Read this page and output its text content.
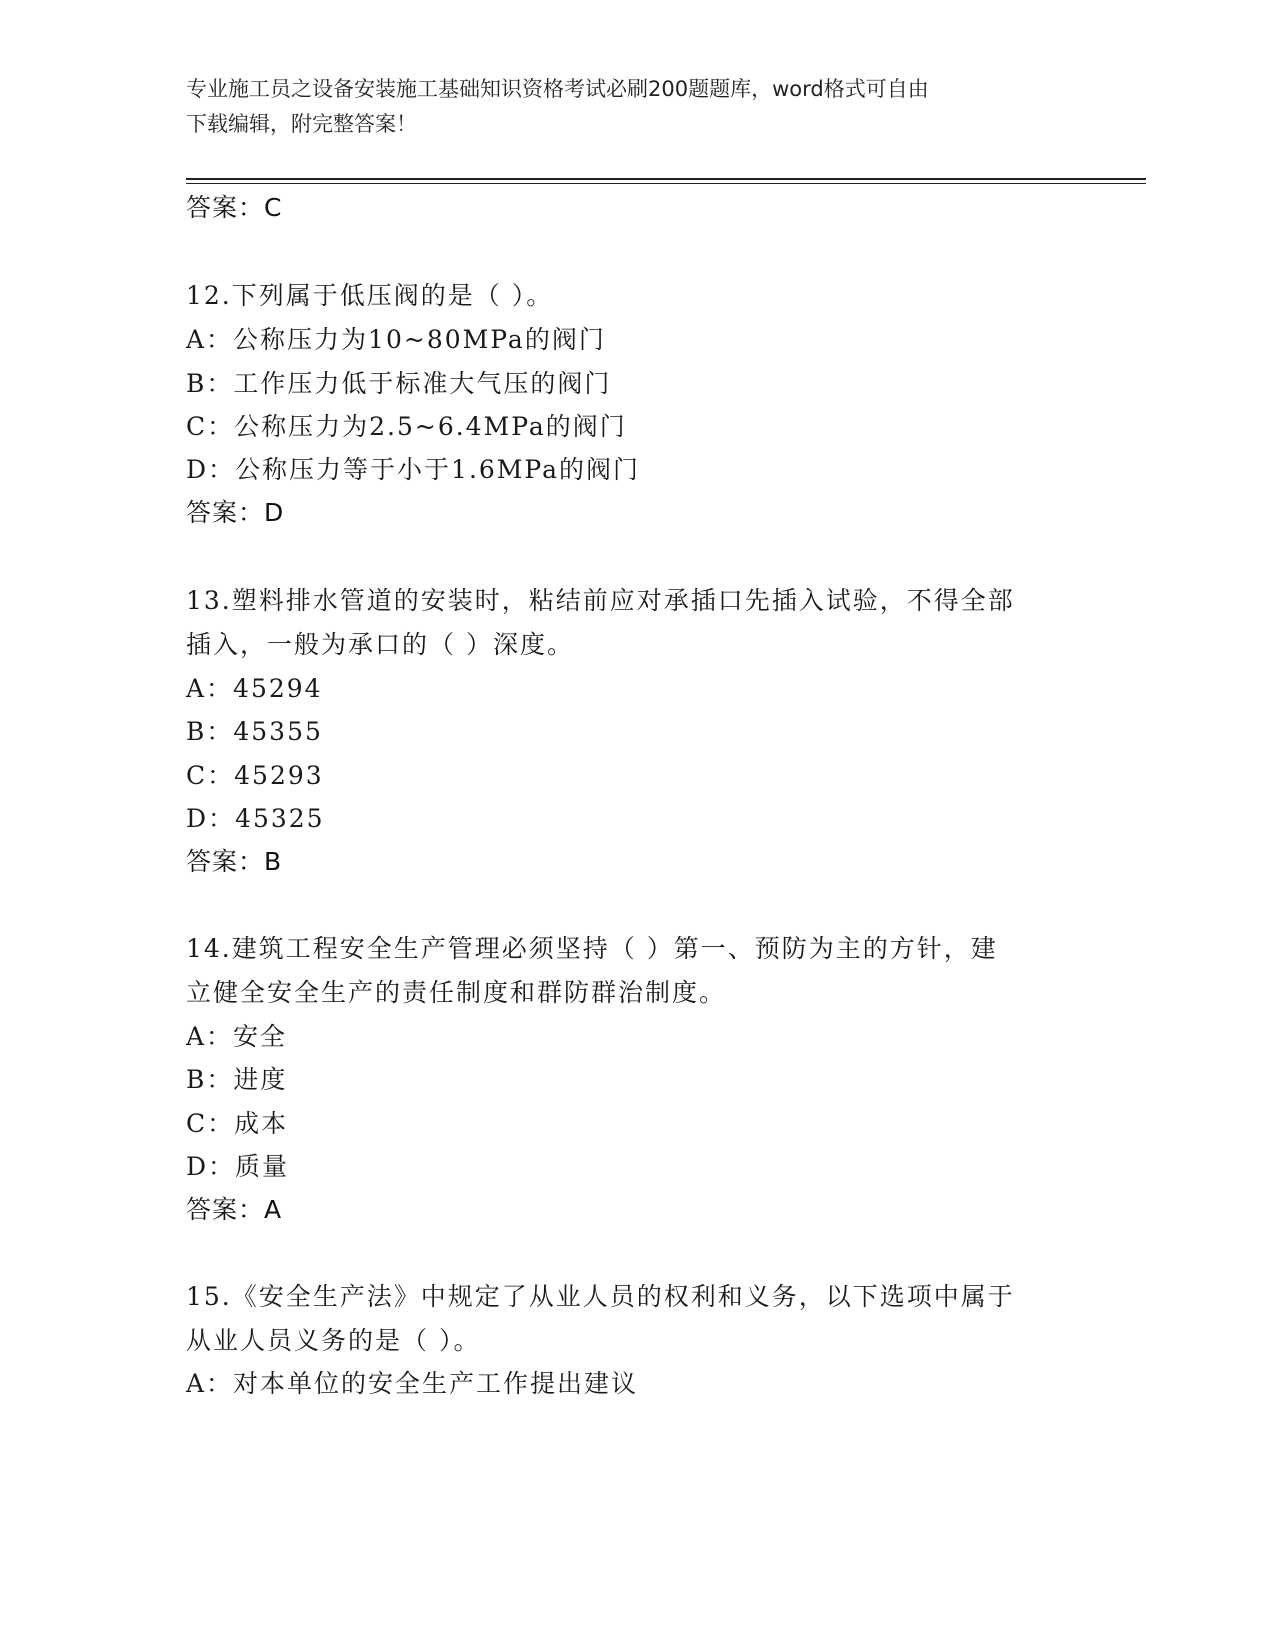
专业施工员之设备安装施工基础知识资格考试必刷200题题库，word格式可自由
下载编辑，附完整答案！
答案：C
12.下列属于低压阀的是（ ）。
A：公称压力为10~80MPa的阀门
B：工作压力低于标准大气压的阀门
C：公称压力为2.5~6.4MPa的阀门
D：公称压力等于小于1.6MPa的阀门
答案：D
13.塑料排水管道的安装时，粘结前应对承插口先插入试验，不得全部
插入，一般为承口的（ ）深度。
A：45294
B：45355
C：45293
D：45325
答案：B
14.建筑工程安全生产管理必须坚持（ ）第一、预防为主的方针，建
立健全安全生产的责任制度和群防群治制度。
A：安全
B：进度
C：成本
D：质量
答案：A
15.《安全生产法》中规定了从业人员的权利和义务，以下选项中属于
从业人员义务的是（ ）。
A：对本单位的安全生产工作提出建议
